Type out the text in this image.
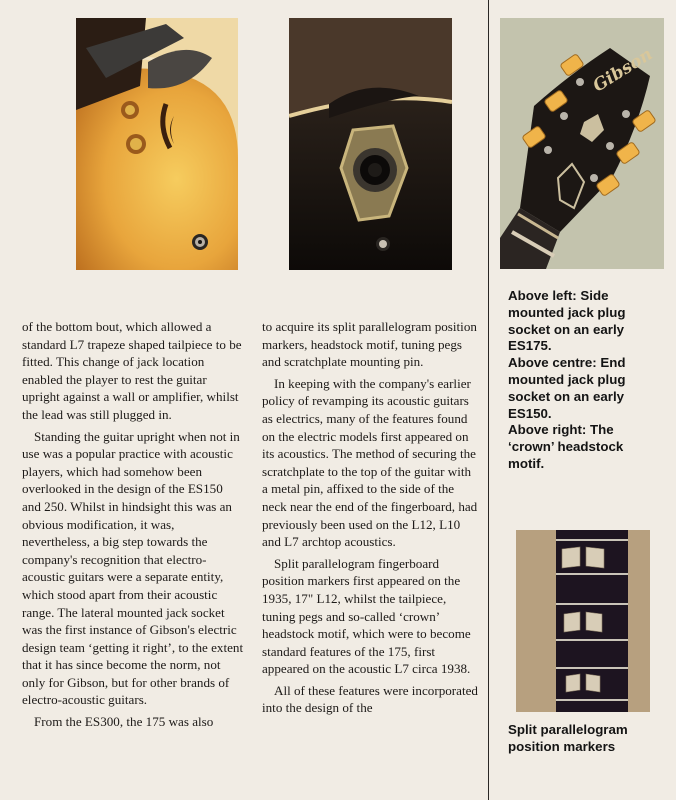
Gibson

of the bottom bout, which allowed a standard L7 trapeze shaped tailpiece to be fitted. This change of jack location enabled the player to rest the guitar upright against a wall or amplifier, whilst the lead was still plugged in.

Standing the guitar upright when not in use was a popular practice with acoustic players, which had somehow been overlooked in the design of the ES150 and 250. Whilst in hindsight this was an obvious modification, it was, nevertheless, a big step towards the company's recognition that electro-acoustic guitars were a separate entity, which stood apart from their acoustic range. The lateral mounted jack socket was the first instance of Gibson's electric design team ‘getting it right’, to the extent that it has since become the norm, not only for Gibson, but for other brands of electro-acoustic guitars.

From the ES300, the 175 was also

to acquire its split parallelogram position markers, headstock motif, tuning pegs and scratchplate mounting pin.

In keeping with the company's earlier policy of revamping its acoustic guitars as electrics, many of the features found on the electric models first appeared on its acoustics. The method of securing the scratchplate to the top of the guitar with a metal pin, affixed to the side of the neck near the end of the fingerboard, had previously been used on the L12, L10 and L7 archtop acoustics.

Split parallelogram fingerboard position markers first appeared on the 1935, 17" L12, whilst the tailpiece, tuning pegs and so-called ‘crown’ headstock motif, which were to become standard features of the 175, first appeared on the acoustic L7 circa 1938.

All of these features were incorporated into the design of the

Above left: Side mounted jack plug socket on an early ES175.
Above centre: End mounted jack plug socket on an early ES150.
Above right: The ‘crown’ headstock motif.
Split parallelogram position markers
